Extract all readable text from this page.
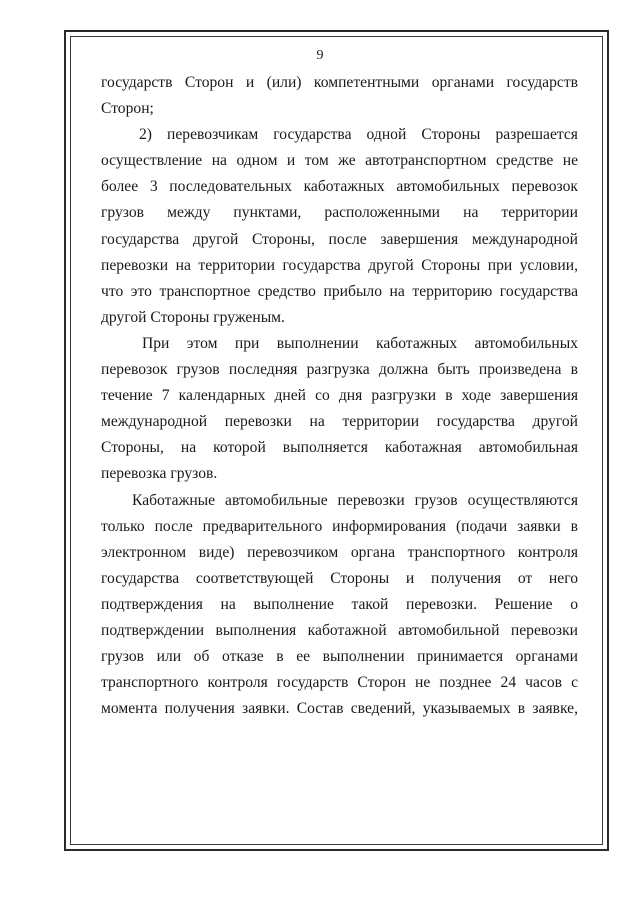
9
государств Сторон и (или) компетентными органами государств
Сторон;
2) перевозчикам государства одной Стороны разрешается
осуществление на одном и том же автотранспортном средстве не
более 3 последовательных каботажных автомобильных перевозок
грузов между пунктами, расположенными на территории
государства другой Стороны, после завершения международной
перевозки на территории государства другой Стороны при условии,
что это транспортное средство прибыло на территорию государства
другой Стороны груженым.
При этом при выполнении каботажных автомобильных
перевозок грузов последняя разгрузка должна быть произведена в
течение 7 календарных дней со дня разгрузки в ходе завершения
международной перевозки на территории государства другой
Стороны, на которой выполняется каботажная автомобильная
перевозка грузов.
Каботажные автомобильные перевозки грузов осуществляются
только после предварительного информирования (подачи заявки в
электронном виде) перевозчиком органа транспортного контроля
государства соответствующей Стороны и получения от него
подтверждения на выполнение такой перевозки. Решение о
подтверждении выполнения каботажной автомобильной перевозки
грузов или об отказе в ее выполнении принимается органами
транспортного контроля государств Сторон не позднее 24 часов с
момента получения заявки. Состав сведений, указываемых в заявке,
